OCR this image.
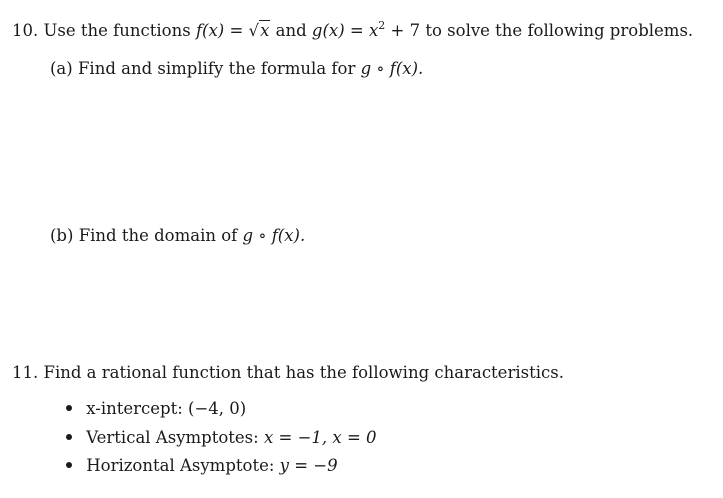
10. Use the functions f(x) = √x and $g(x) = x^2 + 7$ to solve the following problems.
(a) Find and simplify the formula for g ∘ f(x).
(b) Find the domain of g ∘ f(x).
11. Find a rational function that has the following characteristics.
x-intercept: (−4, 0)
Vertical Asymptotes: x = −1, x = 0
Horizontal Asymptote: y = −9
